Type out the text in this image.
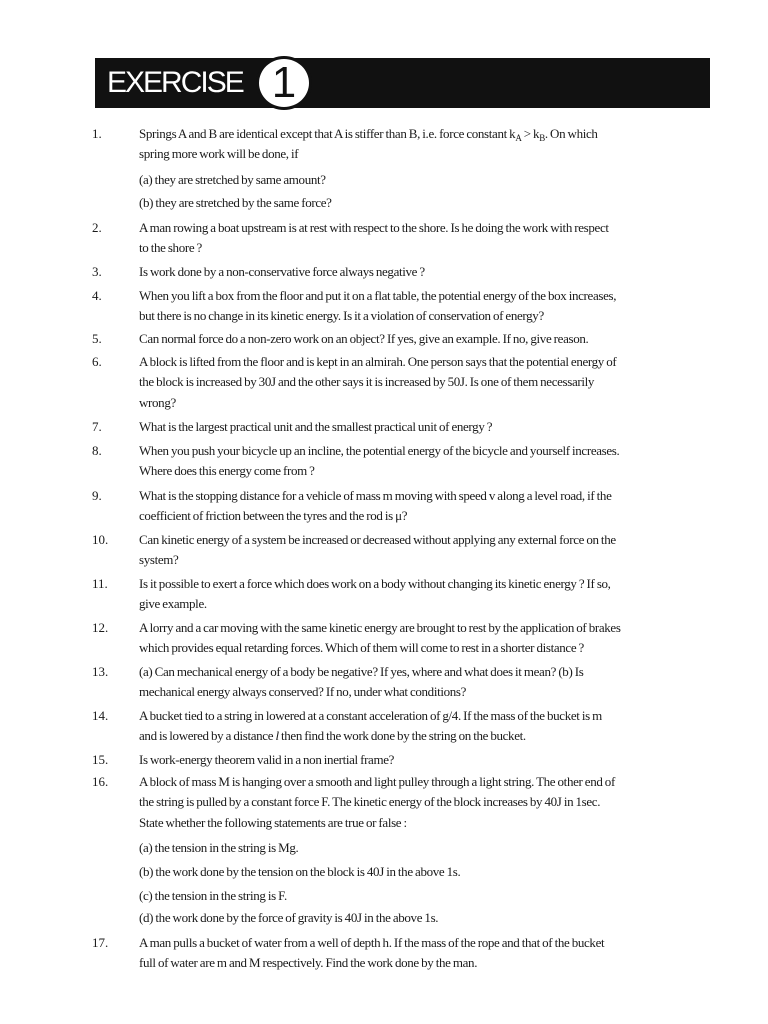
EXERCISE 1
1.	Springs A and B are identical except that A is stiffer than B, i.e. force constant $k_A > k_B$. On which
spring more work will be done, if
(a) they are stretched by same amount?
(b) they are stretched by the same force?
2.	A man rowing a boat upstream is at rest with respect to the shore. Is he doing the work with respect
to the shore ?
3.	Is work done by a non-conservative force always negative ?
4.	When you lift a box from the floor and put it on a flat table, the potential energy of the box increases,
but there is no change in its kinetic energy. Is it a violation of conservation of energy?
5.	Can normal force do a non-zero work on an object? If yes, give an example. If no, give reason.
6.	A block is lifted from the floor and is kept in an almirah. One person says that the potential energy of
the block is increased by 30J and the other says it is increased by 50J. Is one of them necessarily
wrong?
7.	What is the largest practical unit and the smallest practical unit of energy ?
8.	When you push your bicycle up an incline, the potential energy of the bicycle and yourself increases.
Where does this energy come from ?
9.	What is the stopping distance for a vehicle of mass m moving with speed v along a level road, if the
coefficient of friction between the tyres and the rod is μ?
10. Can kinetic energy of a system be increased or decreased without applying any external force on the
system?
11. Is it possible to exert a force which does work on a body without changing its kinetic energy ? If so,
give example.
12. A lorry and a car moving with the same kinetic energy are brought to rest by the application of brakes
which provides equal retarding forces. Which of them will come to rest in a shorter distance ?
13. (a) Can mechanical energy of a body be negative? If yes, where and what does it mean? (b) Is
mechanical energy always conserved? If no, under what conditions?
14. A bucket tied to a string in lowered at a constant acceleration of g/4. If the mass of the bucket is m
and is lowered by a distance l then find the work done by the string on the bucket.
15. Is work-energy theorem valid in a non inertial frame?
16. A block of mass M is hanging over a smooth and light pulley through a light string. The other end of
the string is pulled by a constant force F. The kinetic energy of the block increases by 40J in 1sec.
State whether the following statements are true or false :
(a) the tension in the string is Mg.
(b) the work done by the tension on the block is 40J in the above 1s.
(c) the tension in the string is F.
(d) the work done by the force of gravity is 40J in the above 1s.
17. A man pulls a bucket of water from a well of depth h. If the mass of the rope and that of the bucket
full of water are m and M respectively. Find the work done by the man.
